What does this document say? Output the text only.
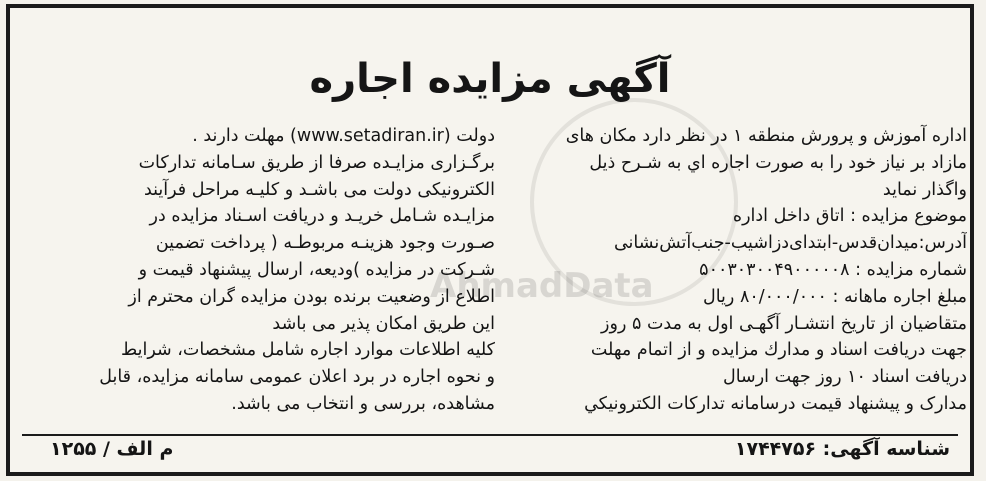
AhmadData
آگهی مزایده اجاره
اداره آموزش و پرورش منطقه ۱ در نظر دارد مکان های
مازاد بر نیاز خود را به صورت اجاره اي به شـرح ذیل
واگذار نماید
موضوع مزایده : اتاق داخل اداره
آدرس:میدان‌قدس-ابتدای‌دزاشیب-جنب‌آتش‌نشانی
شماره مزایده : ۵۰۰۳۰۳۰۰۴۹۰۰۰۰۰۸
مبلغ اجاره ماهانه : ۸۰/۰۰۰/۰۰۰ ریال
متقاضیان از تاریخ انتشـار آگهـی اول به مدت ۵ روز
جهت دریافت اسناد و مدارك مزایده و از اتمام مهلت
دریافت اسناد ۱۰ روز جهت ارسال
مدارک و پیشنهاد قیمت درسامانه تدارکات الکترونیکي
دولت (www.setadiran.ir) مهلت دارند .
برگـزاری مزایـده صرفا از طریق سـامانه تدارکات
الکترونیکی دولت می باشـد و کلیـه مراحل فرآیند
مزایـده شـامل خریـد و دریافت اسـناد مزایده در
صـورت وجود هزینـه مربوطـه ( پرداخت تضمین
شـرکت در مزایده )ودیعه، ارسال پیشنهاد قیمت و
اطلاع از وضعیت برنده بودن مزایده گران محترم از
این طریق امکان پذیر می باشد
کلیه اطلاعات موارد اجاره شامل مشخصات، شرایط
و نحوه اجاره در برد اعلان عمومی سامانه مزایده، قابل
مشاهده، بررسی و انتخاب می باشد.
شناسه آگهی: ۱۷۴۴۷۵۶
م الف / ۱۲۵۵
